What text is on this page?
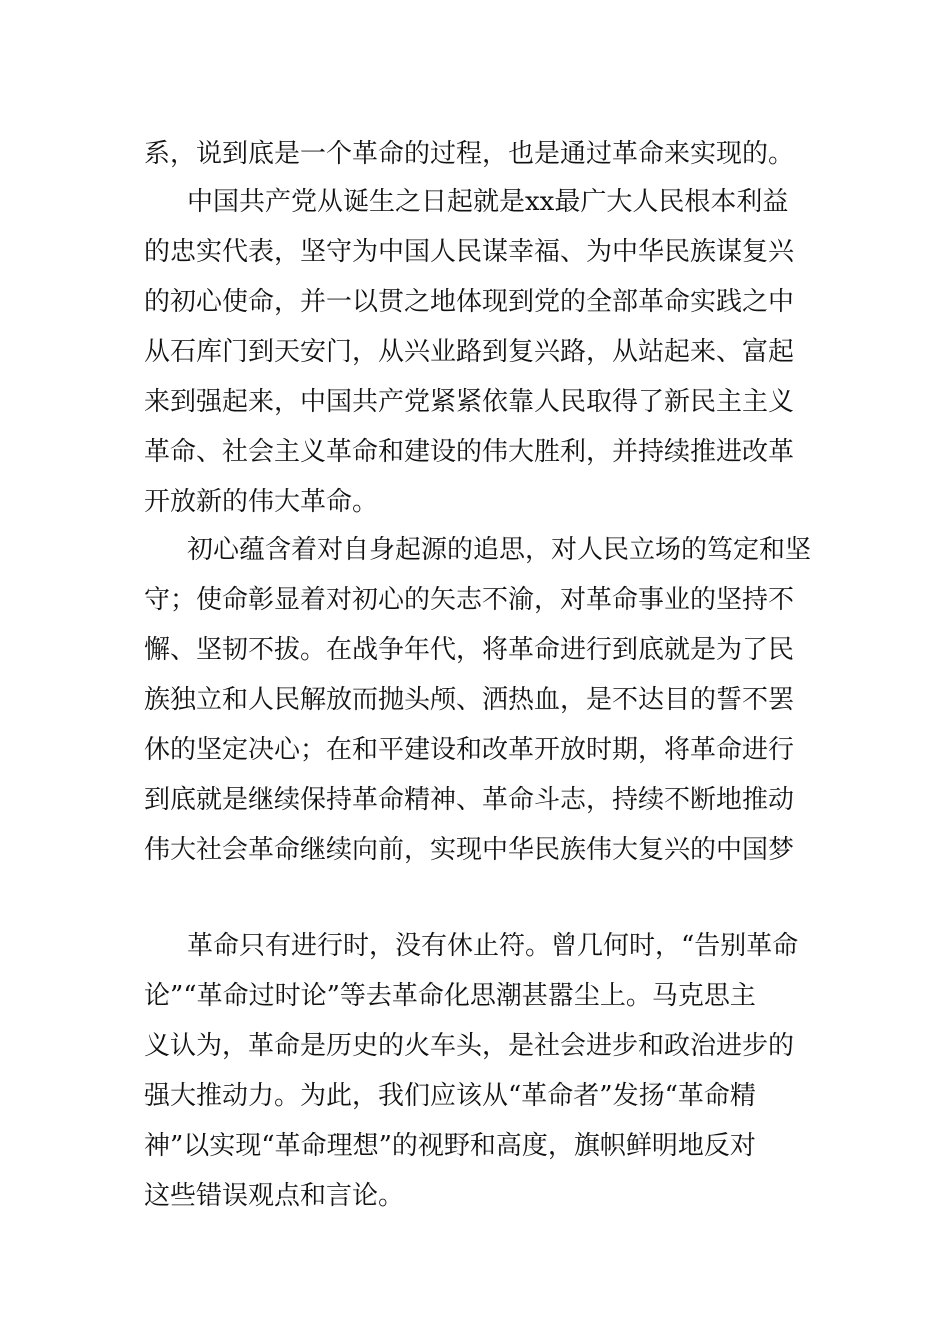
系，说到底是一个革命的过程，也是通过革命来实现的。
中国共产党从诞生之日起就是xx最广大人民根本利益
的忠实代表，坚守为中国人民谋幸福、为中华民族谋复兴
的初心使命，并一以贯之地体现到党的全部革命实践之中
从石库门到天安门，从兴业路到复兴路，从站起来、富起
来到强起来，中国共产党紧紧依靠人民取得了新民主主义
革命、社会主义革命和建设的伟大胜利，并持续推进改革
开放新的伟大革命。
初心蕴含着对自身起源的追思，对人民立场的笃定和坚
守；使命彰显着对初心的矢志不渝，对革命事业的坚持不
懈、坚韧不拔。在战争年代，将革命进行到底就是为了民
族独立和人民解放而抛头颅、洒热血，是不达目的誓不罢
休的坚定决心；在和平建设和改革开放时期，将革命进行
到底就是继续保持革命精神、革命斗志，持续不断地推动
伟大社会革命继续向前，实现中华民族伟大复兴的中国梦
革命只有进行时，没有休止符。曾几何时，“告别革命
论”“革命过时论”等去革命化思潮甚嚣尘上。马克思主
义认为，革命是历史的火车头，是社会进步和政治进步的
强大推动力。为此，我们应该从“革命者”发扬“革命精
神”以实现“革命理想”的视野和高度，旗帜鲜明地反对
这些错误观点和言论。
